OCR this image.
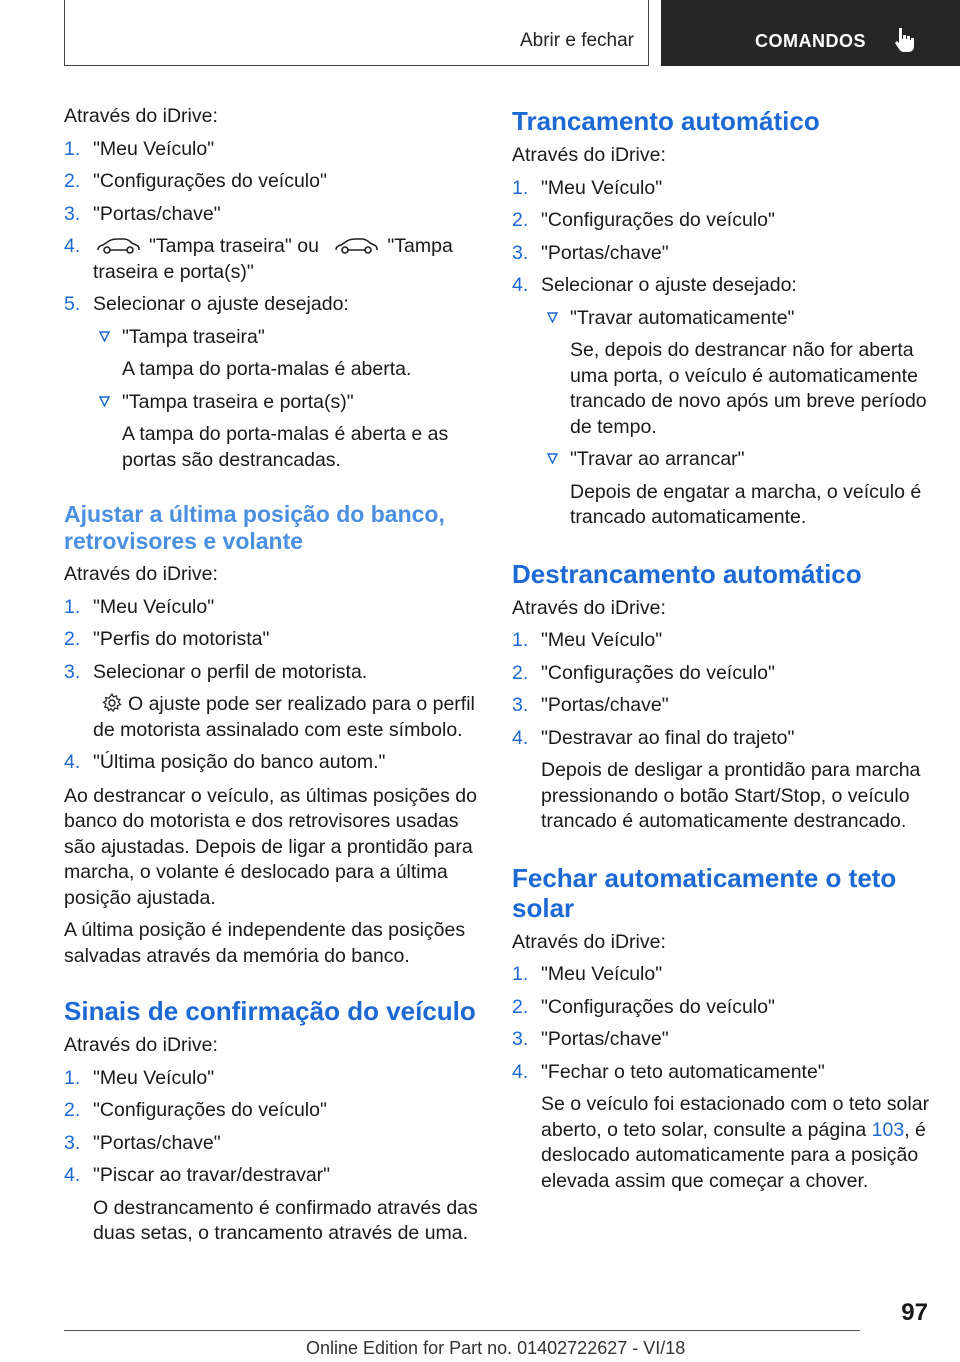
Abrir e fechar	COMANDOS
Através do iDrive:
1. "Meu Veículo"
2. "Configurações do veículo"
3. "Portas/chave"
4.	"Tampa traseira" ou	"Tampa traseira e porta(s)"
5. Selecionar o ajuste desejado:
"Tampa traseira"
A tampa do porta-malas é aberta.
"Tampa traseira e porta(s)"
A tampa do porta-malas é aberta e as portas são destrancadas.
Ajustar a última posição do banco, retrovisores e volante
Através do iDrive:
1. "Meu Veículo"
2. "Perfis do motorista"
3. Selecionar o perfil de motorista.
O ajuste pode ser realizado para o perfil de motorista assinalado com este símbolo.
4. "Última posição do banco autom."
Ao destrancar o veículo, as últimas posições do banco do motorista e dos retrovisores usadas são ajustadas. Depois de ligar a prontidão para marcha, o volante é deslocado para a última posição ajustada.
A última posição é independente das posições salvadas através da memória do banco.
Sinais de confirmação do veículo
Através do iDrive:
1. "Meu Veículo"
2. "Configurações do veículo"
3. "Portas/chave"
4. "Piscar ao travar/destravar"
O destrancamento é confirmado através das duas setas, o trancamento através de uma.
Trancamento automático
Através do iDrive:
1. "Meu Veículo"
2. "Configurações do veículo"
3. "Portas/chave"
4. Selecionar o ajuste desejado:
"Travar automaticamente"
Se, depois do destrancar não for aberta uma porta, o veículo é automaticamente trancado de novo após um breve período de tempo.
"Travar ao arrancar"
Depois de engatar a marcha, o veículo é trancado automaticamente.
Destrancamento automático
Através do iDrive:
1. "Meu Veículo"
2. "Configurações do veículo"
3. "Portas/chave"
4. "Destravar ao final do trajeto"
Depois de desligar a prontidão para marcha pressionando o botão Start/Stop, o veículo trancado é automaticamente destrancado.
Fechar automaticamente o teto solar
Através do iDrive:
1. "Meu Veículo"
2. "Configurações do veículo"
3. "Portas/chave"
4. "Fechar o teto automaticamente"
Se o veículo foi estacionado com o teto solar aberto, o teto solar, consulte a página 103, é deslocado automaticamente para a posição elevada assim que começar a chover.
97
Online Edition for Part no. 01402722627 - VI/18
